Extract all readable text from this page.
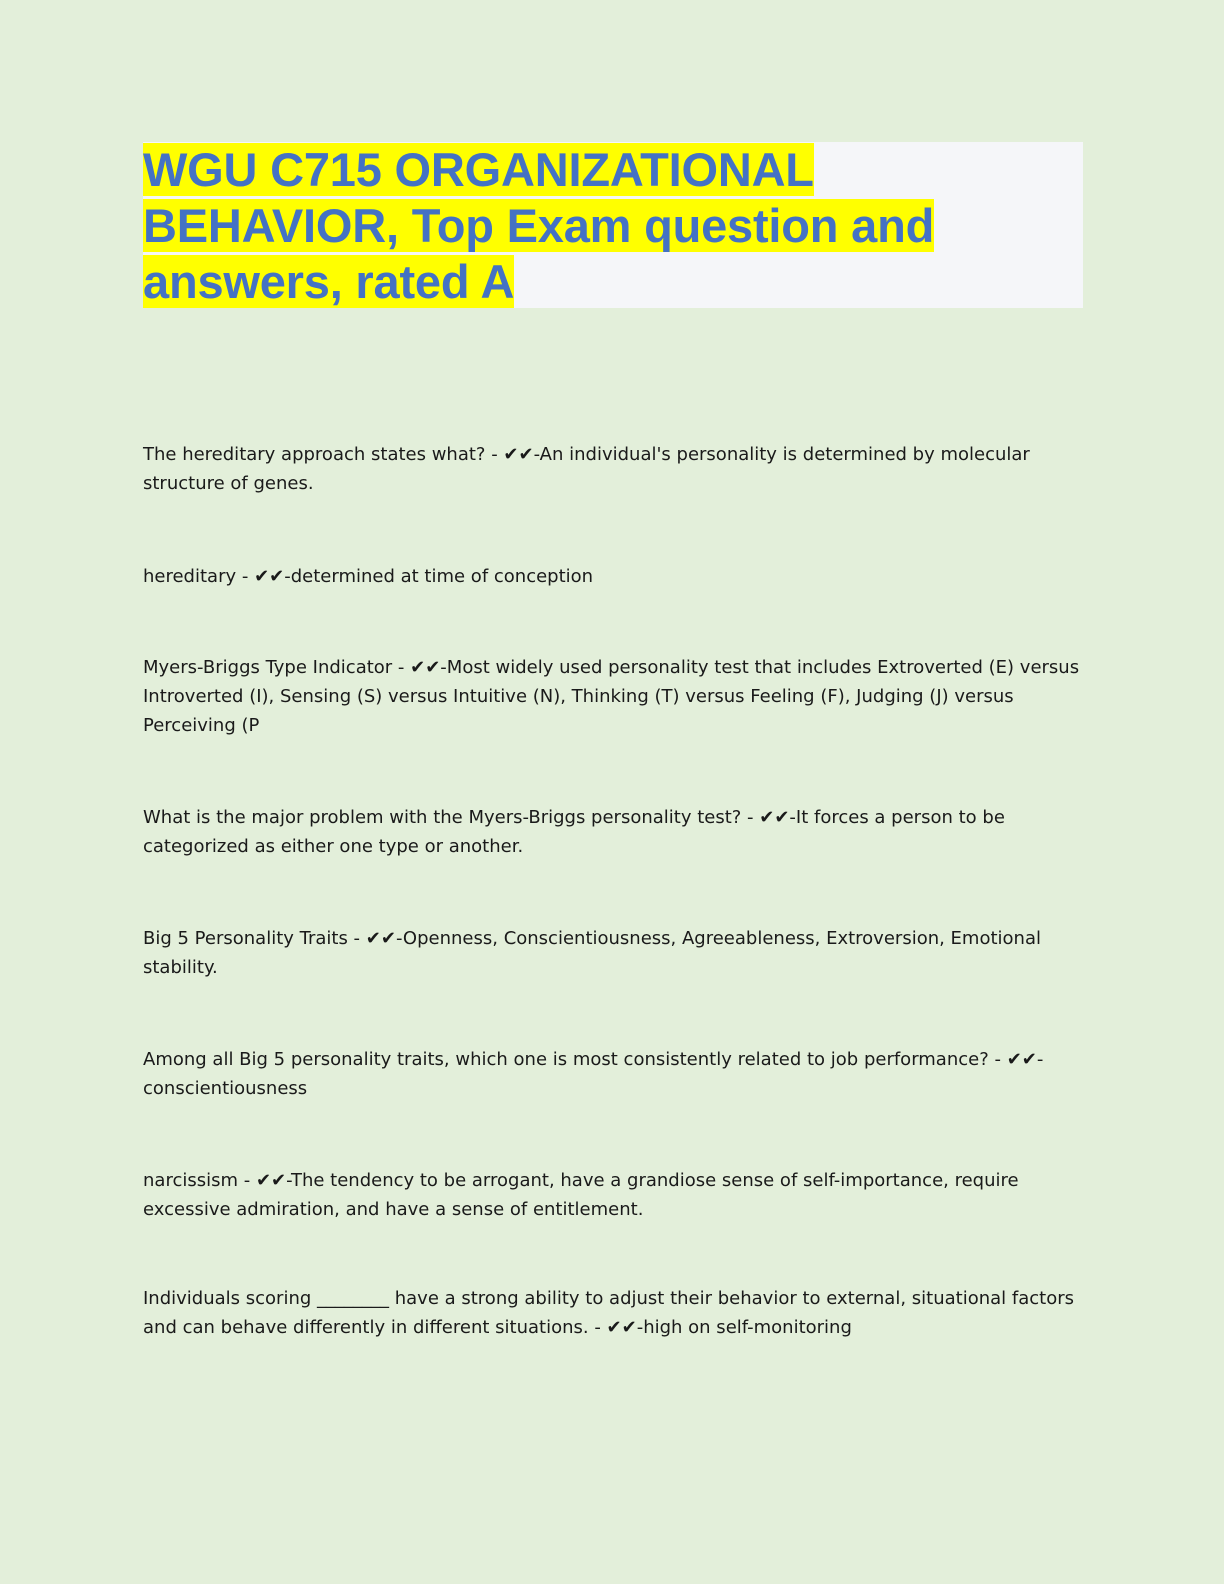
WGU C715 ORGANIZATIONAL
BEHAVIOR, Top Exam question and
answers, rated A

The hereditary approach states what? - ✔✔-An individual's personality is determined by molecular structure of genes.

hereditary - ✔✔-determined at time of conception

Myers-Briggs Type Indicator - ✔✔-Most widely used personality test that includes Extroverted (E) versus Introverted (I), Sensing (S) versus Intuitive (N), Thinking (T) versus Feeling (F), Judging (J) versus Perceiving (P

What is the major problem with the Myers-Briggs personality test? - ✔✔-It forces a person to be categorized as either one type or another.

Big 5 Personality Traits - ✔✔-Openness, Conscientiousness, Agreeableness, Extroversion, Emotional stability.

Among all Big 5 personality traits, which one is most consistently related to job performance? - ✔✔-conscientiousness

narcissism - ✔✔-The tendency to be arrogant, have a grandiose sense of self-importance, require excessive admiration, and have a sense of entitlement.

Individuals scoring ________ have a strong ability to adjust their behavior to external, situational factors and can behave differently in different situations. - ✔✔-high on self-monitoring
